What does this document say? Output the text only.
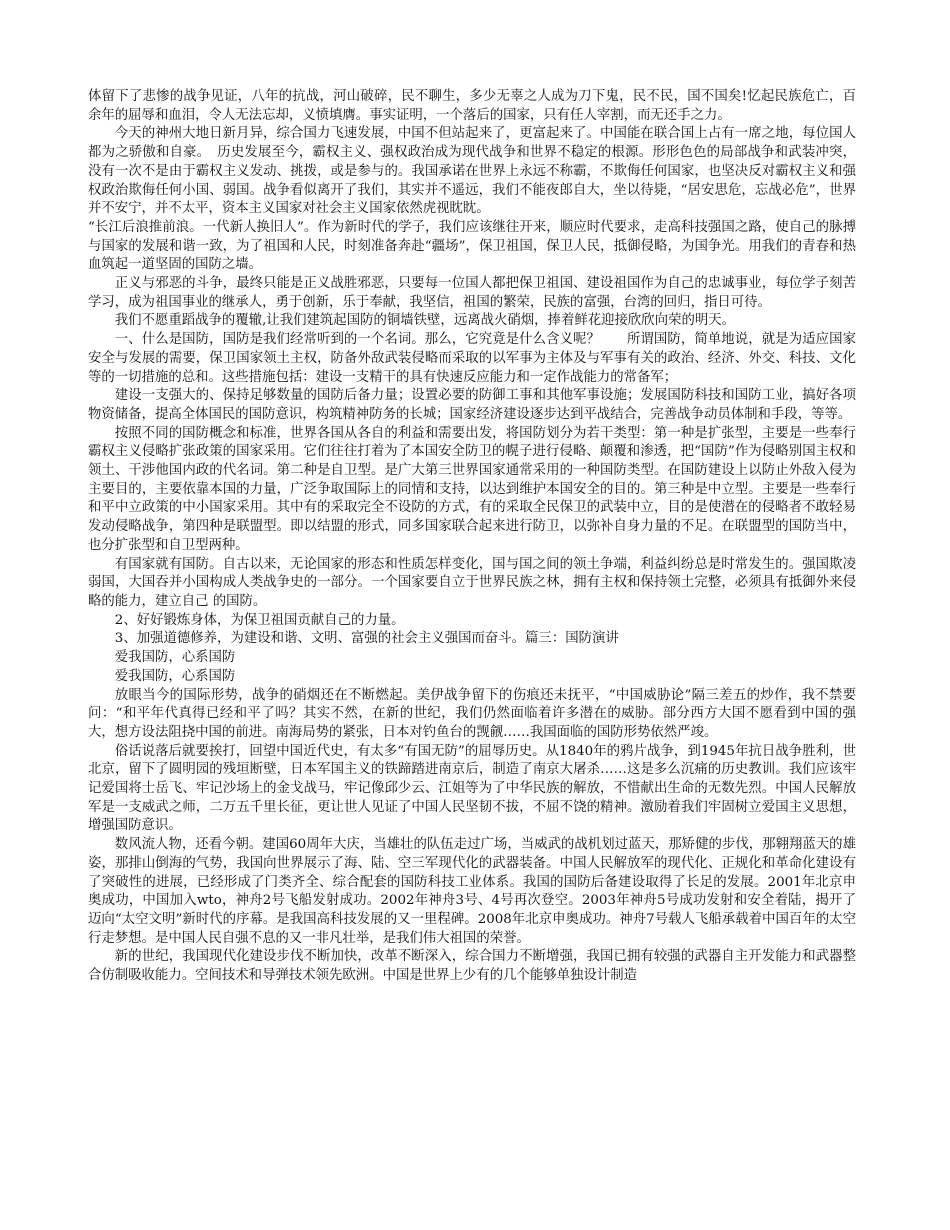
体留下了悲惨的战争见证，八年的抗战，河山破碎，民不聊生，多少无辜之人成为刀下鬼，民不民，国不国矣!忆起民族危亡，百余年的屈辱和血泪，令人无法忘却，义愤填膺。事实证明，一个落后的国家，只有任人宰割，而无还手之力。

今天的神州大地日新月异，综合国力飞速发展，中国不但站起来了，更富起来了。中国能在联合国上占有一席之地，每位国人都为之骄傲和自豪。　历史发展至今，霸权主义、强权政治成为现代战争和世界不稳定的根源。形形色色的局部战争和武装冲突，没有一次不是由于霸权主义发动、挑拨，或是参与的。我国承诺在世界上永远不称霸，不欺侮任何国家，也坚决反对霸权主义和强权政治欺侮任何小国、弱国。战争看似离开了我们，其实并不遥远，我们不能夜郎自大，坐以待毙，“居安思危，忘战必危”，世界并不安宁，并不太平，资本主义国家对社会主义国家依然虎视眈眈。

“长江后浪推前浪。一代新人换旧人”。作为新时代的学子，我们应该继往开来，顺应时代要求，走高科技强国之路，使自己的脉搏与国家的发展和谐一致，为了祖国和人民，时刻准备奔赴“疆场”，保卫祖国，保卫人民，抵御侵略，为国争光。用我们的青春和热血筑起一道坚固的国防之墙。

正义与邪恶的斗争，最终只能是正义战胜邪恶，只要每一位国人都把保卫祖国、建设祖国作为自己的忠诚事业，每位学子刻苦学习，成为祖国事业的继承人，勇于创新，乐于奉献，我坚信，祖国的繁荣，民族的富强，台湾的回归，指日可待。

我们不愿重蹈战争的覆辙,让我们建筑起国防的铜墙铁壁，远离战火硝烟，捧着鲜花迎接欣欣向荣的明天。

一、什么是国防，国防是我们经常听到的一个名词。那么，它究竟是什么含义呢？　　所谓国防，简单地说，就是为适应国家安全与发展的需要，保卫国家领土主权，防备外敌武装侵略而采取的以军事为主体及与军事有关的政治、经济、外交、科技、文化等的一切措施的总和。这些措施包括：建设一支精干的具有快速反应能力和一定作战能力的常备军；

建设一支强大的、保持足够数量的国防后备力量；设置必要的防御工事和其他军事设施；发展国防科技和国防工业，搞好各项物资储备，提高全体国民的国防意识，构筑精神防务的长城；国家经济建设逐步达到平战结合，完善战争动员体制和手段，等等。

按照不同的国防概念和标准，世界各国从各自的利益和需要出发，将国防划分为若干类型：第一种是扩张型，主要是一些奉行霸权主义侵略扩张政策的国家采用。它们往往打着为了本国安全防卫的幌子进行侵略、颠覆和渗透，把“国防”作为侵略别国主权和领土、干涉他国内政的代名词。第二种是自卫型。是广大第三世界国家通常采用的一种国防类型。在国防建设上以防止外敌入侵为主要目的，主要依靠本国的力量，广泛争取国际上的同情和支持，以达到维护本国安全的目的。第三种是中立型。主要是一些奉行和平中立政策的中小国家采用。其中有的采取完全不设防的方式，有的采取全民保卫的武装中立，目的是使潜在的侵略者不敢轻易发动侵略战争，第四种是联盟型。即以结盟的形式，同多国家联合起来进行防卫，以弥补自身力量的不足。在联盟型的国防当中，也分扩张型和自卫型两种。

有国家就有国防。自古以来，无论国家的形态和性质怎样变化，国与国之间的领土争端，利益纠纷总是时常发生的。强国欺凌弱国，大国吞并小国构成人类战争史的一部分。一个国家要自立于世界民族之林，拥有主权和保持领土完整，必须具有抵御外来侵略的能力，建立自己 的国防。

2、好好锻炼身体，为保卫祖国贡献自己的力量。

3、加强道德修养，为建设和谐、文明、富强的社会主义强国而奋斗。篇三：国防演讲

爱我国防，心系国防

爱我国防，心系国防

放眼当今的国际形势，战争的硝烟还在不断燃起。美伊战争留下的伤痕还未抚平，“中国威胁论”隔三差五的炒作，我不禁要问：“和平年代真得已经和平了吗？其实不然，在新的世纪，我们仍然面临着许多潜在的威胁。部分西方大国不愿看到中国的强大，想方设法阻挠中国的前进。南海局势的紧张，日本对钓鱼台的觊觎……我国面临的国防形势依然严竣。

俗话说落后就要挨打，回望中国近代史，有太多“有国无防”的屈辱历史。从1840年的鸦片战争，到1945年抗日战争胜利，世北京，留下了圆明园的残垣断壁，日本军国主义的铁蹄踏进南京后，制造了南京大屠杀……这是多么沉痛的历史教训。我们应该牢记爱国将士岳飞、牢记沙场上的金戈战马，牢记像邱少云、江姐等为了中华民族的解放，不惜献出生命的无数先烈。中国人民解放军是一支威武之师，二万五千里长征，更让世人见证了中国人民坚韧不拔，不屈不饶的精神。激励着我们牢固树立爱国主义思想，增强国防意识。

数风流人物，还看今朝。建国60周年大庆，当雄壮的队伍走过广场，当威武的战机划过蓝天，那矫健的步伐，那翱翔蓝天的雄姿，那排山倒海的气势，我国向世界展示了海、陆、空三军现代化的武器装备。中国人民解放军的现代化、正规化和革命化建设有了突破性的进展，已经形成了门类齐全、综合配套的国防科技工业体系。我国的国防后备建设取得了长足的发展。2001年北京申奥成功，中国加入wto，神舟2号飞船发射成功。2002年神舟3号、4号再次登空。2003年神舟5号成功发射和安全着陆，揭开了迈向“太空文明”新时代的序幕。是我国高科技发展的又一里程碑。2008年北京申奥成功。神舟7号载人飞船承载着中国百年的太空行走梦想。是中国人民自强不息的又一非凡壮举，是我们伟大祖国的荣誉。

新的世纪，我国现代化建设步伐不断加快，改革不断深入，综合国力不断增强，我国已拥有较强的武器自主开发能力和武器整合仿制吸收能力。空间技术和导弹技术领先欧洲。中国是世界上少有的几个能够单独设计制造
